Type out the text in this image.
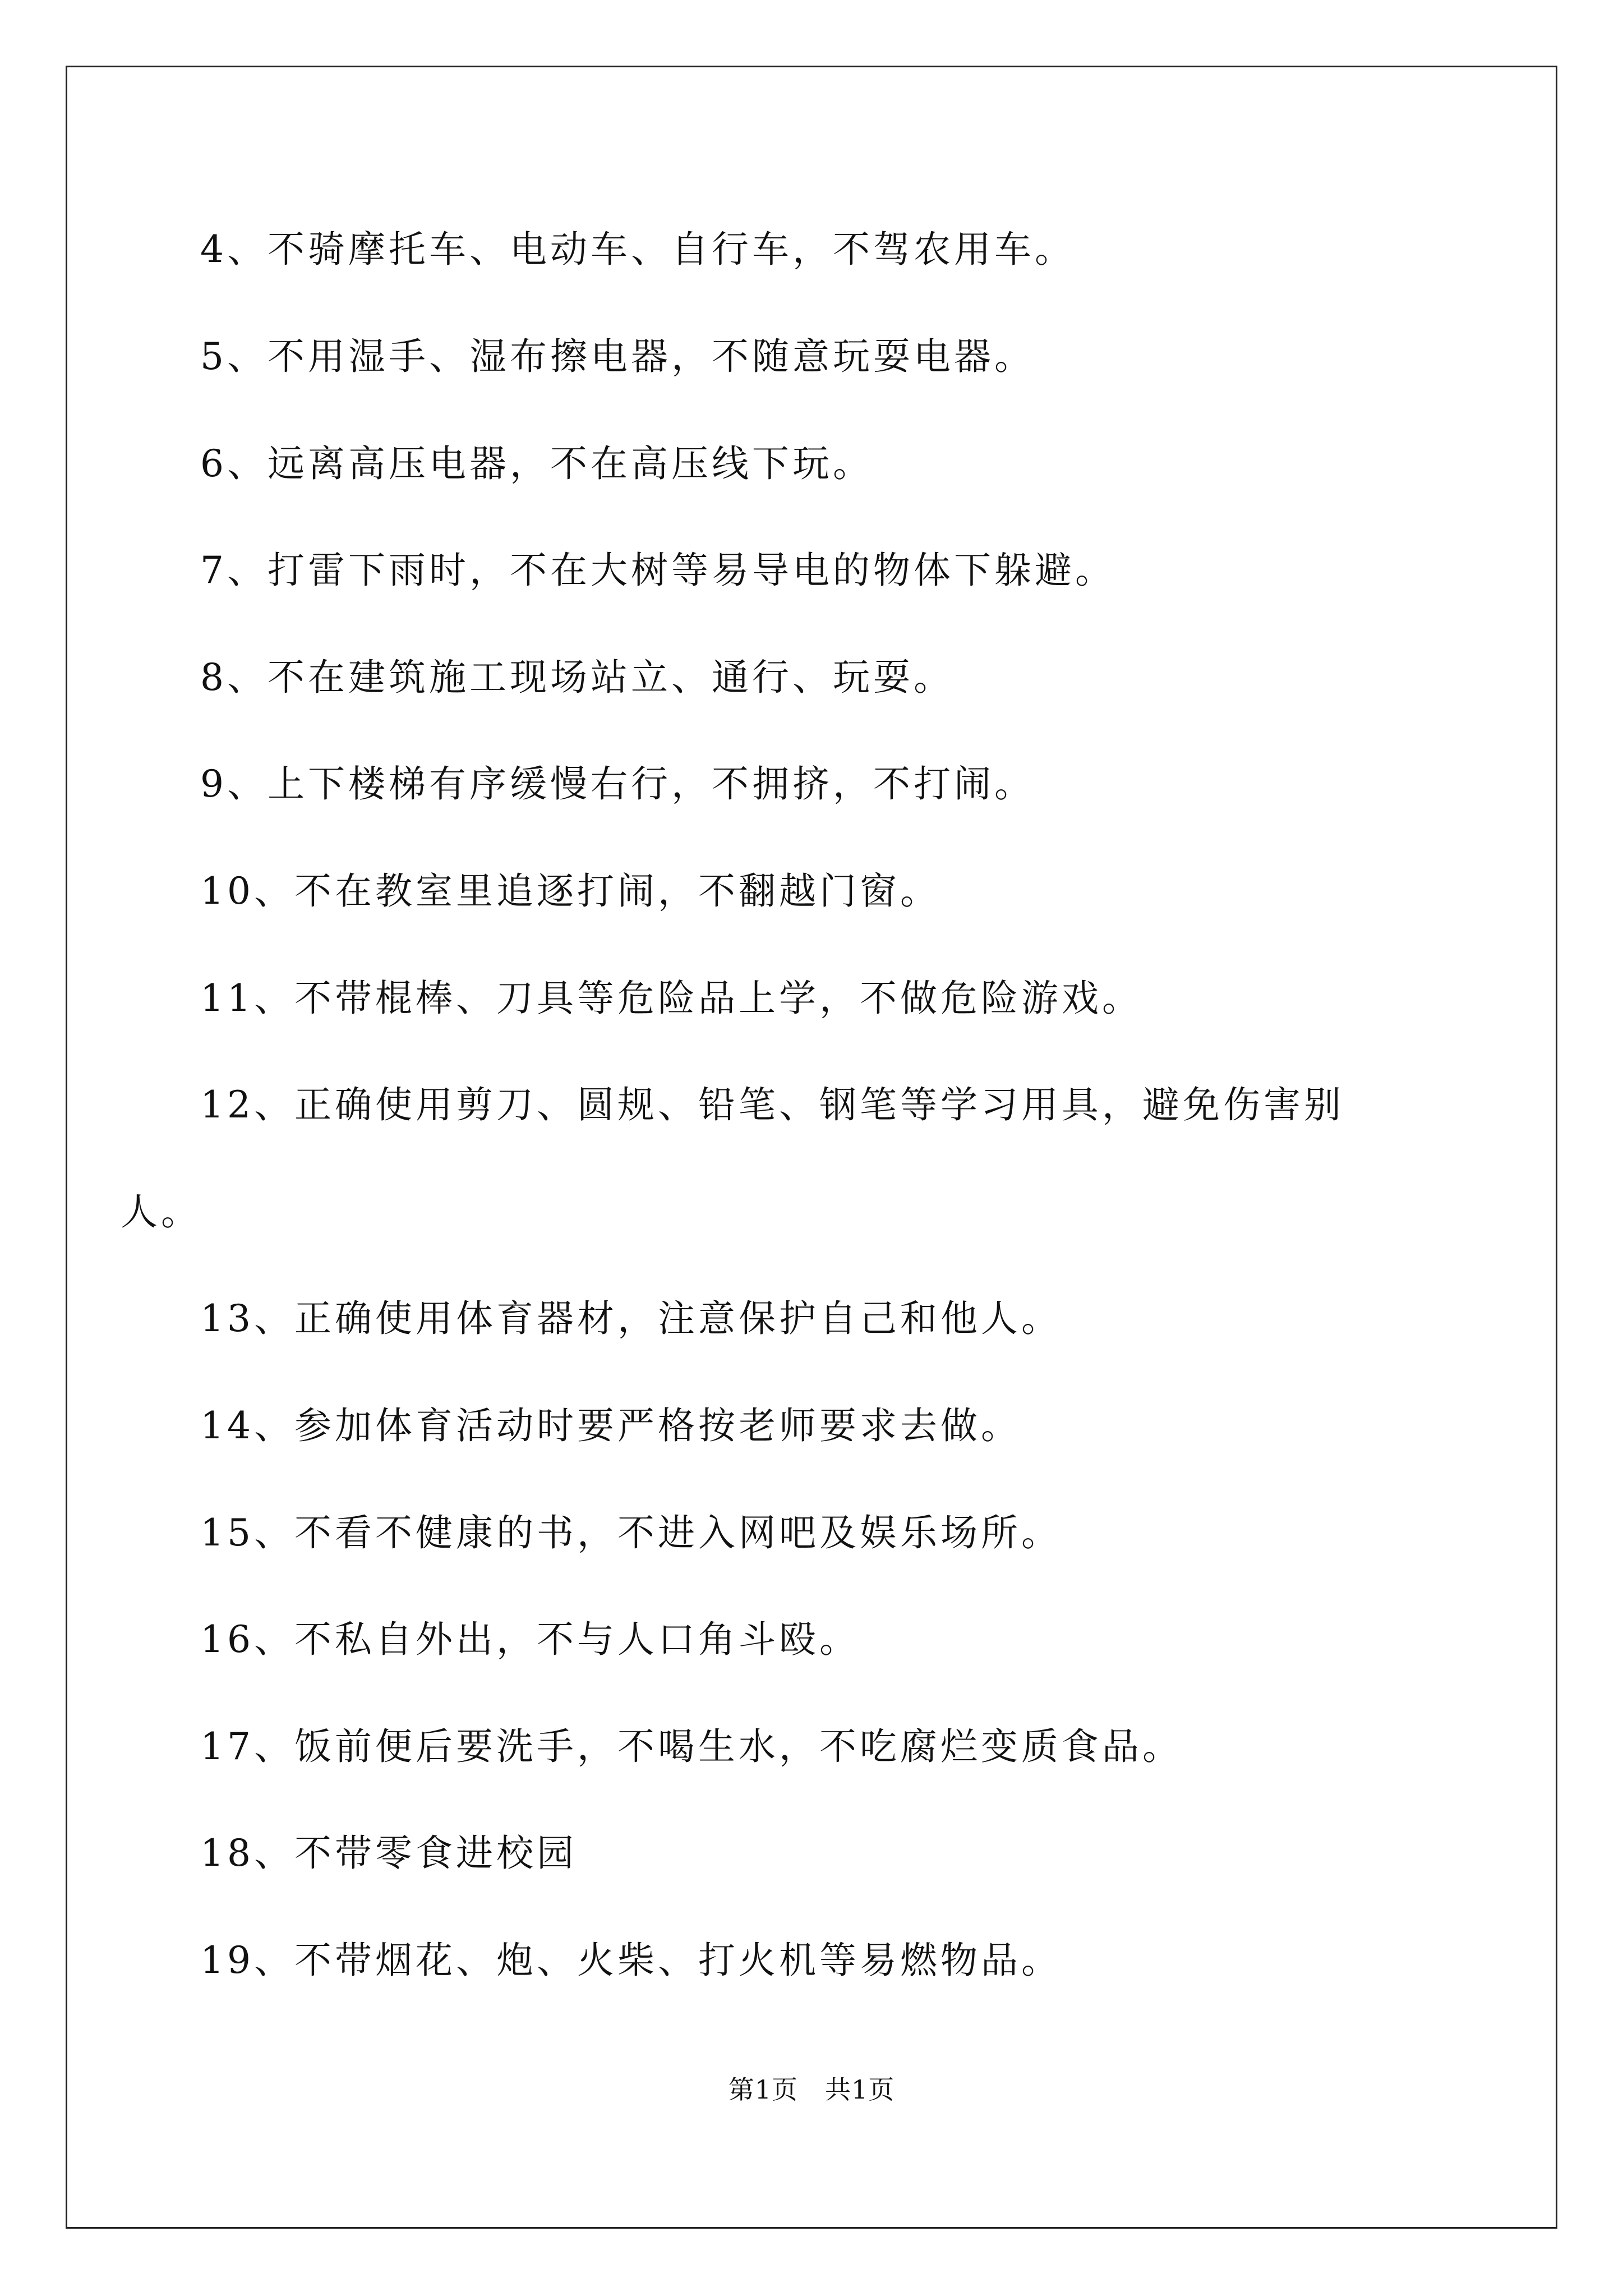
4、不骑摩托车、电动车、自行车，不驾农用车。
5、不用湿手、湿布擦电器，不随意玩耍电器。
6、远离高压电器，不在高压线下玩。
7、打雷下雨时，不在大树等易导电的物体下躲避。
8、不在建筑施工现场站立、通行、玩耍。
9、上下楼梯有序缓慢右行，不拥挤，不打闹。
10、不在教室里追逐打闹，不翻越门窗。
11、不带棍棒、刀具等危险品上学，不做危险游戏。
12、正确使用剪刀、圆规、铅笔、钢笔等学习用具，避免伤害别
人。
13、正确使用体育器材，注意保护自己和他人。
14、参加体育活动时要严格按老师要求去做。
15、不看不健康的书，不进入网吧及娱乐场所。
16、不私自外出，不与人口角斗殴。
17、饭前便后要洗手，不喝生水，不吃腐烂变质食品。
18、不带零食进校园
19、不带烟花、炮、火柴、打火机等易燃物品。
第1页 共1页
